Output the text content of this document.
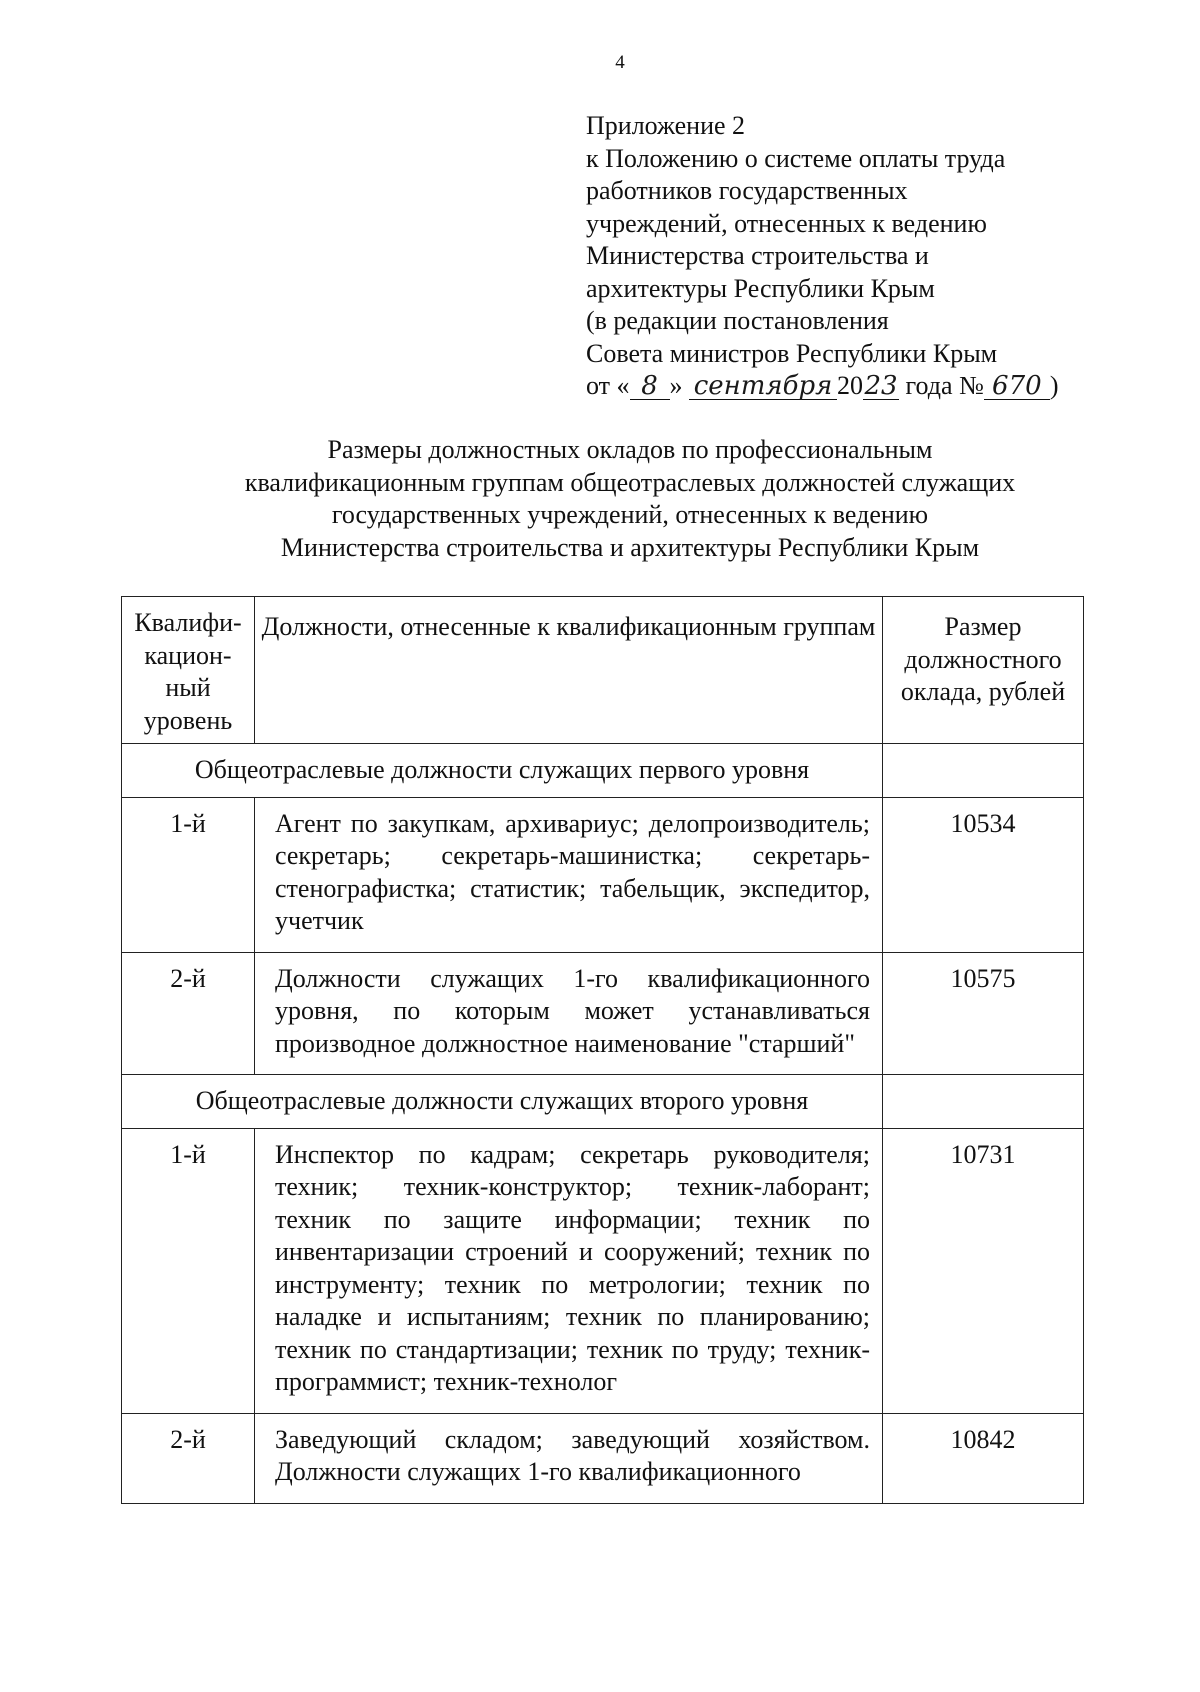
4
Приложение 2
к Положению о системе оплаты труда
работников государственных
учреждений, отнесенных к ведению
Министерства строительства и
архитектуры Республики Крым
(в редакции постановления
Совета министров Республики Крым
от « 8 » сентября 2023 года № 670 )
Размеры должностных окладов по профессиональным
квалификационным группам общеотраслевых должностей служащих
государственных учреждений, отнесенных к ведению
Министерства строительства и архитектуры Республики Крым
Квалифи-кацион-ный уровень	Должности, отнесенные к квалификационным группам	Размер должностного оклада, рублей
Общеотраслевые должности служащих первого уровня		
1-й	Агент по закупкам, архивариус; делопроизводитель; секретарь; секретарь-машинистка; секретарь-стенографистка; статистик; табельщик, экспедитор, учетчик	10534
2-й	Должности служащих 1-го квалификационного уровня, по которым может устанавливаться производное должностное наименование "старший"	10575
Общеотраслевые должности служащих второго уровня		
1-й	Инспектор по кадрам; секретарь руководителя; техник; техник-конструктор; техник-лаборант; техник по защите информации; техник по инвентаризации строений и сооружений; техник по инструменту; техник по метрологии; техник по наладке и испытаниям; техник по планированию; техник по стандартизации; техник по труду; техник-программист; техник-технолог	10731
2-й	Заведующий складом; заведующий хозяйством. Должности служащих 1-го квалификационного	10842
